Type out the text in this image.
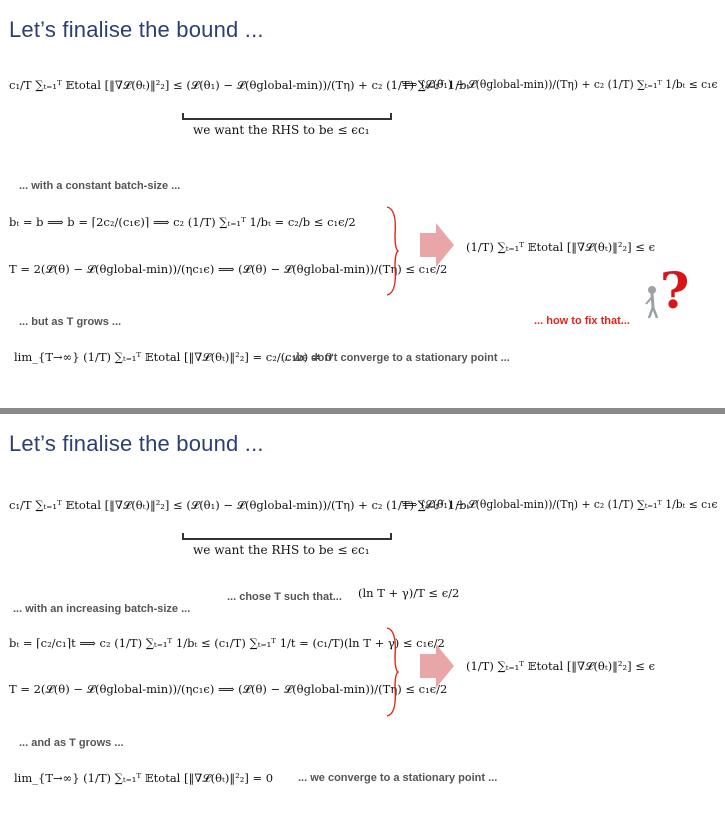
Let’s finalise the bound ...
c₁/T ∑ₜ₌₁ᵀ 𝔼total [‖∇𝓛(θₜ)‖²₂] ≤ (𝓛(θ₁) − 𝓛(θglobal-min))/(Tη) + c₂ (1/T) ∑ₜ₌₁ᵀ 1/bₜ
⟹ (𝓛(θ₁) − 𝓛(θglobal-min))/(Tη) + c₂ (1/T) ∑ₜ₌₁ᵀ 1/bₜ ≤ c₁ϵ
we want the RHS to be ≤ ϵc₁
... with a constant batch-size ...
bₜ = b ⟹ b = ⌈2c₂/(c₁ϵ)⌉ ⟹ c₂ (1/T) ∑ₜ₌₁ᵀ 1/bₜ = c₂/b ≤ c₁ϵ/2
T = 2(𝓛(θ) − 𝓛(θglobal-min))/(ηc₁ϵ) ⟹ (𝓛(θ) − 𝓛(θglobal-min))/(Tη) ≤ c₁ϵ/2
(1/T) ∑ₜ₌₁ᵀ 𝔼total [‖∇𝓛(θₜ)‖²₂] ≤ ϵ
?
... but as T grows ...	... how to fix that...
lim_{T→∞} (1/T) ∑ₜ₌₁ᵀ 𝔼total [‖∇𝓛(θₜ)‖²₂] = c₂/(c₁b) ≠ 0
... we don't converge to a stationary point ...
Let’s finalise the bound ...
c₁/T ∑ₜ₌₁ᵀ 𝔼total [‖∇𝓛(θₜ)‖²₂] ≤ (𝓛(θ₁) − 𝓛(θglobal-min))/(Tη) + c₂ (1/T) ∑ₜ₌₁ᵀ 1/bₜ
⟹ (𝓛(θ₁) − 𝓛(θglobal-min))/(Tη) + c₂ (1/T) ∑ₜ₌₁ᵀ 1/bₜ ≤ c₁ϵ
we want the RHS to be ≤ ϵc₁
... chose T such that... (ln T + γ)/T ≤ ϵ/2
... with an increasing batch-size ...
bₜ = ⌈c₂/c₁⌉t ⟹ c₂ (1/T) ∑ₜ₌₁ᵀ 1/bₜ ≤ (c₁/T) ∑ₜ₌₁ᵀ 1/t = (c₁/T)(ln T + γ) ≤ c₁ϵ/2
T = 2(𝓛(θ) − 𝓛(θglobal-min))/(ηc₁ϵ) ⟹ (𝓛(θ) − 𝓛(θglobal-min))/(Tη) ≤ c₁ϵ/2
(1/T) ∑ₜ₌₁ᵀ 𝔼total [‖∇𝓛(θₜ)‖²₂] ≤ ϵ
... and as T grows ...
lim_{T→∞} (1/T) ∑ₜ₌₁ᵀ 𝔼total [‖∇𝓛(θₜ)‖²₂] = 0 ... we converge to a stationary point ...
